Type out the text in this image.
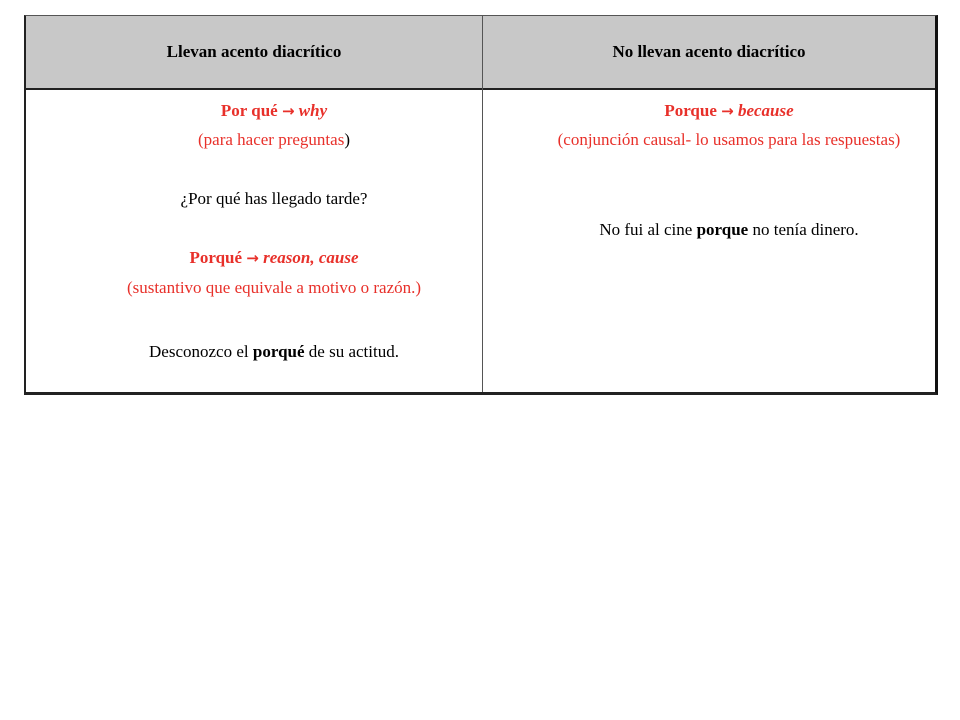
Llevan acento diacrítico	No llevan acento diacrítico

Por qué → why

(para hacer preguntas)

¿Por qué has llegado tarde?

Porqué → reason, cause

(sustantivo que equivale a motivo o razón.)

Desconozco el porqué de su actitud.

Porque → because

(conjunción causal- lo usamos para las respuestas)

No fui al cine porque no tenía dinero.
